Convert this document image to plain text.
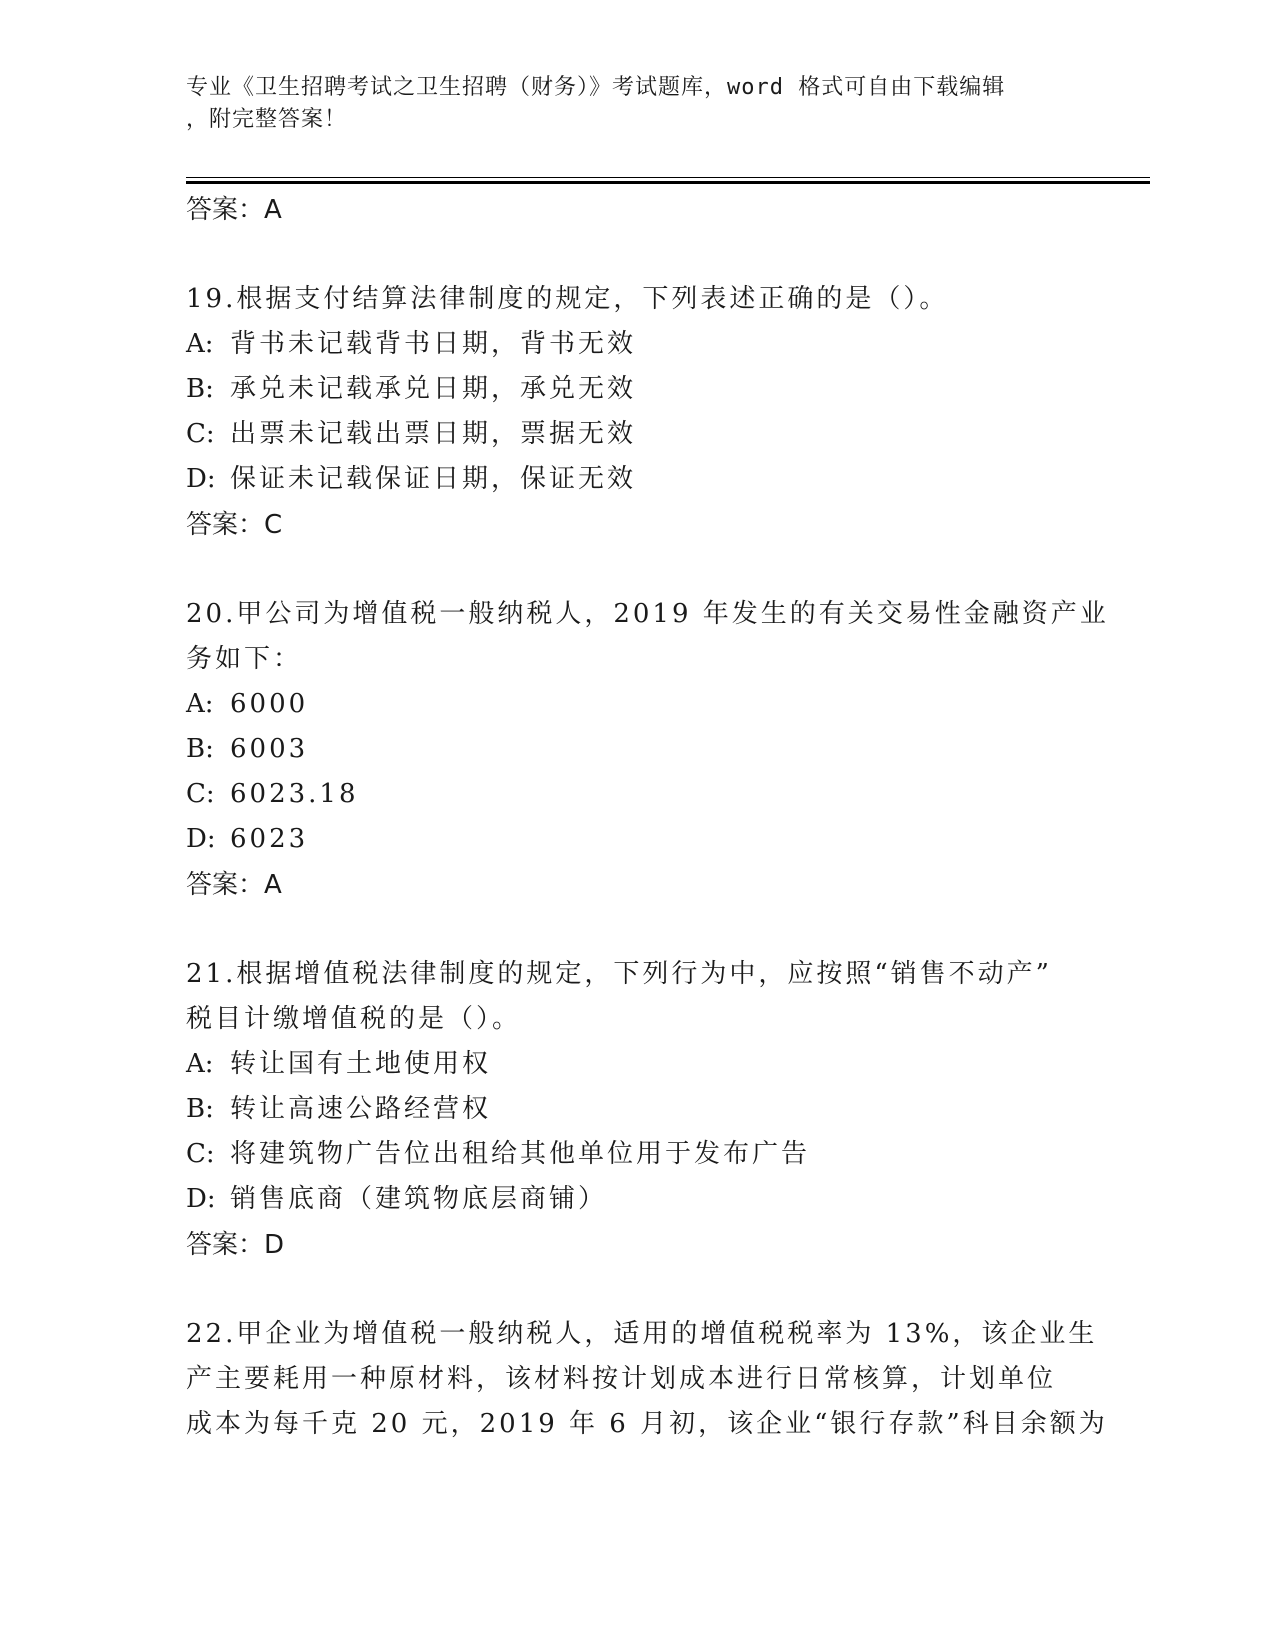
专业《卫生招聘考试之卫生招聘（财务）》考试题库，word 格式可自由下载编辑
，附完整答案！
答案：A
19.根据支付结算法律制度的规定，下列表述正确的是（）。
A: 背书未记载背书日期，背书无效
B: 承兑未记载承兑日期，承兑无效
C: 出票未记载出票日期，票据无效
D: 保证未记载保证日期，保证无效
答案：C
20.甲公司为增值税一般纳税人，2019 年发生的有关交易性金融资产业
务如下：
A: 6000
B: 6003
C: 6023.18
D: 6023
答案：A
21.根据增值税法律制度的规定，下列行为中，应按照“销售不动产”
税目计缴增值税的是（）。
A: 转让国有土地使用权
B: 转让高速公路经营权
C: 将建筑物广告位出租给其他单位用于发布广告
D: 销售底商（建筑物底层商铺）
答案：D
22.甲企业为增值税一般纳税人，适用的增值税税率为 13%，该企业生
产主要耗用一种原材料，该材料按计划成本进行日常核算，计划单位
成本为每千克 20 元，2019 年 6 月初，该企业“银行存款”科目余额为
